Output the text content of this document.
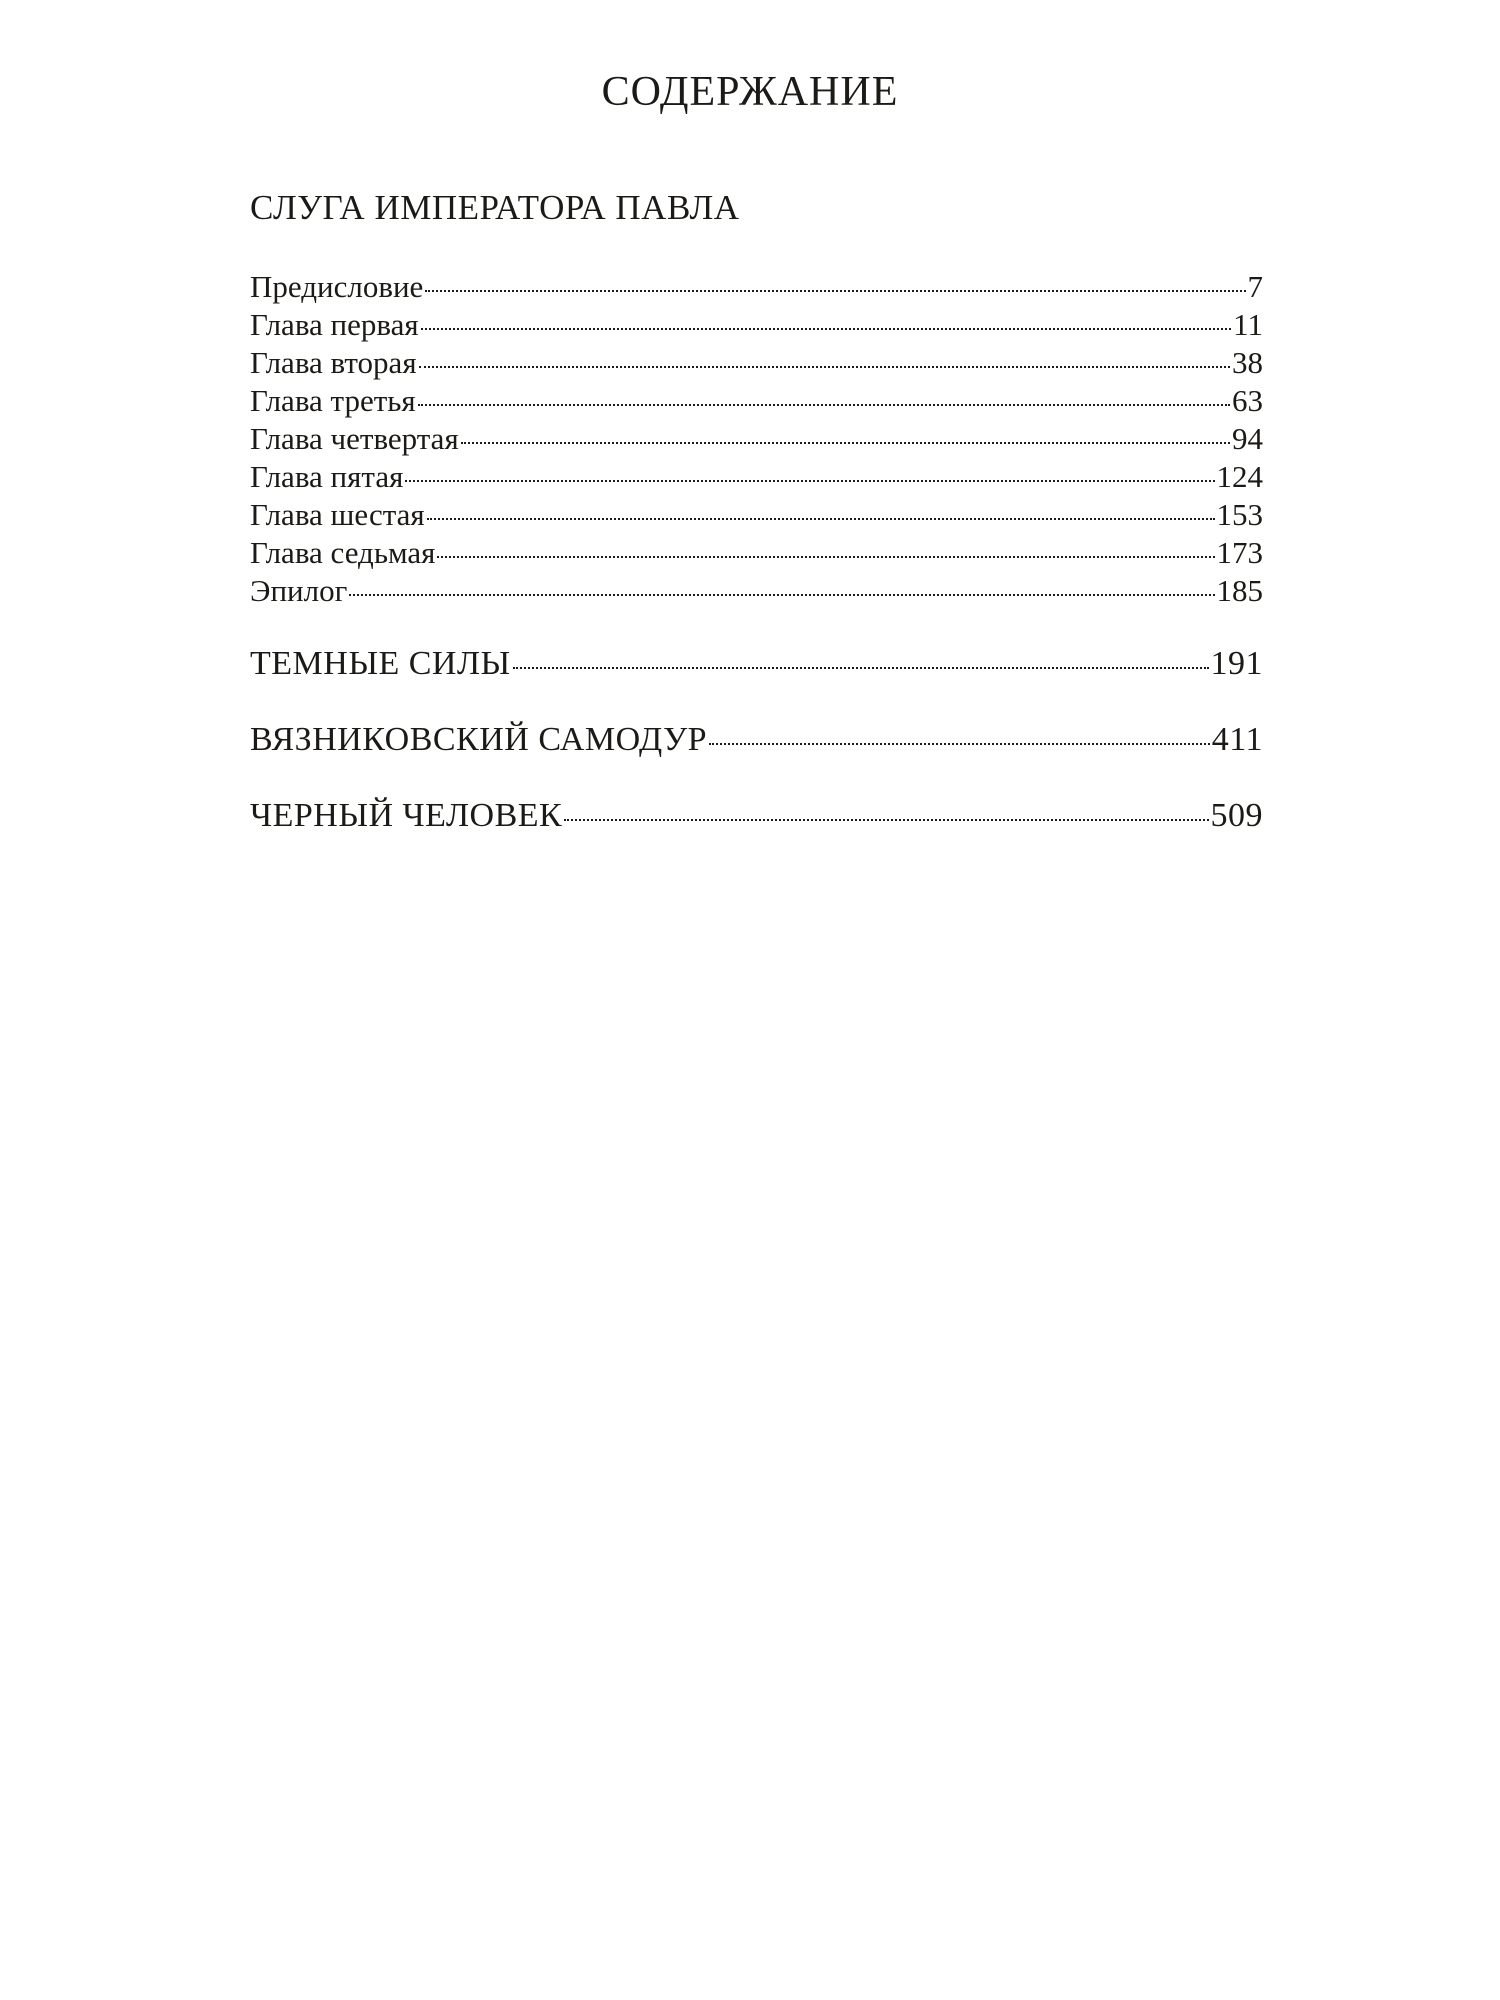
СОДЕРЖАНИЕ
СЛУГА ИМПЕРАТОРА ПАВЛА
Предисловие	7
Глава первая	11
Глава вторая	38
Глава третья	63
Глава четвертая	94
Глава пятая	124
Глава шестая	153
Глава седьмая	173
Эпилог	185
ТЕМНЫЕ СИЛЫ	191
ВЯЗНИКОВСКИЙ САМОДУР	411
ЧЕРНЫЙ ЧЕЛОВЕК	509
